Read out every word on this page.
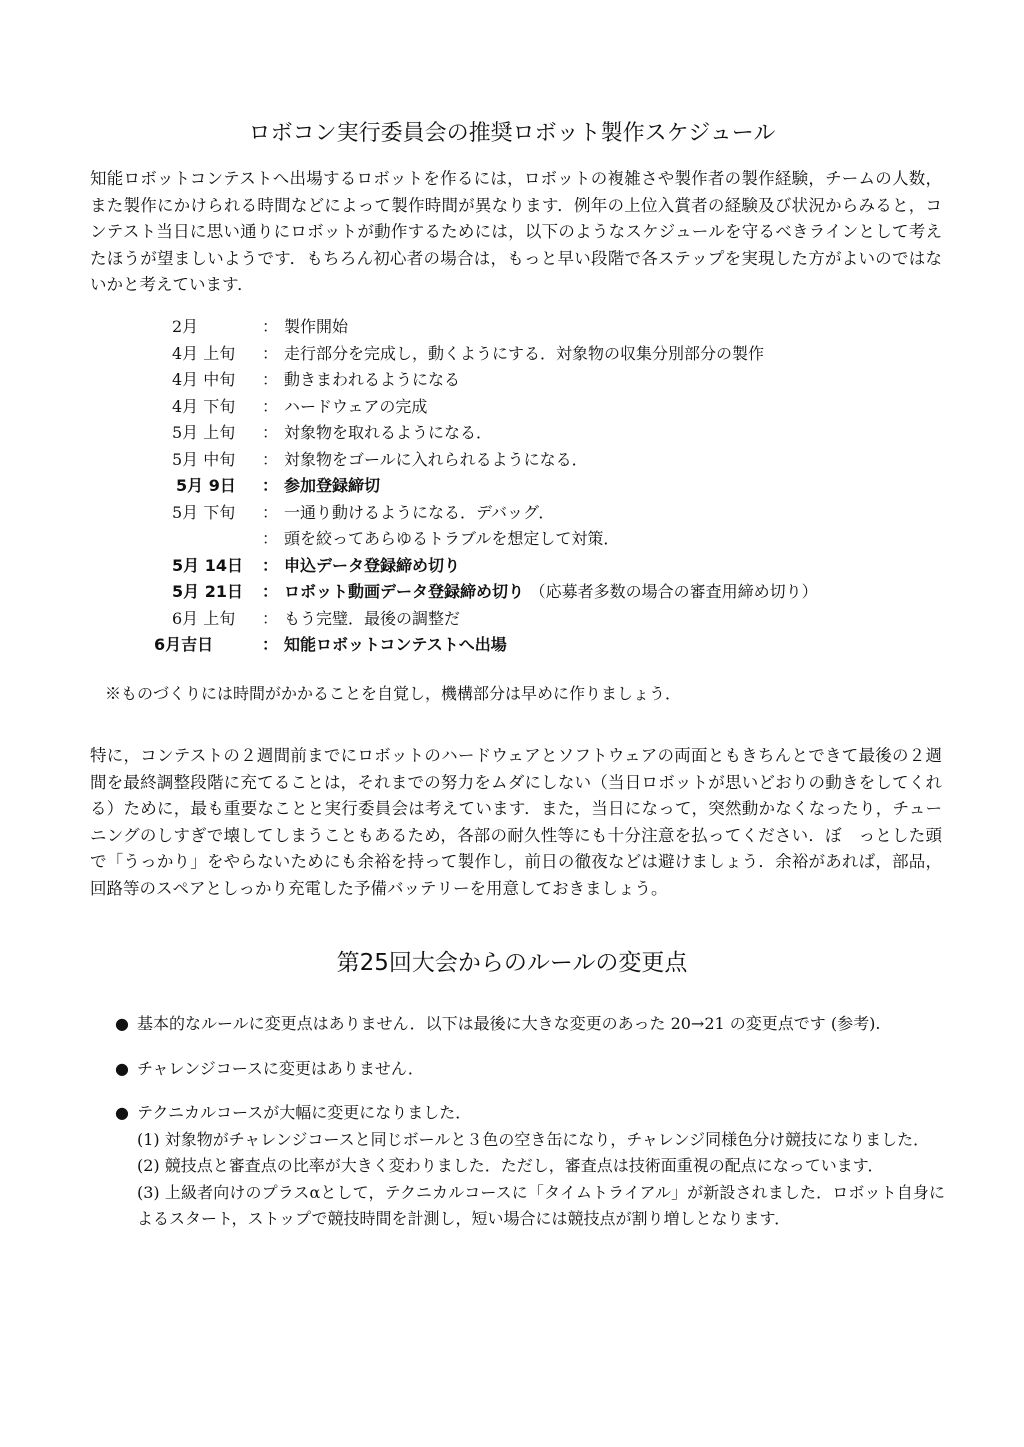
ロボコン実行委員会の推奨ロボット製作スケジュール

知能ロボットコンテストへ出場するロボットを作るには，ロボットの複雑さや製作者の製作経験，チームの人数，また製作にかけられる時間などによって製作時間が異なります．例年の上位入賞者の経験及び状況からみると，コンテスト当日に思い通りにロボットが動作するためには，以下のようなスケジュールを守るべきラインとして考えたほうが望ましいようです．もちろん初心者の場合は，もっと早い段階で各ステップを実現した方がよいのではないかと考えています．

2月	： 製作開始
4月 上旬	： 走行部分を完成し，動くようにする．対象物の収集分別部分の製作
4月 中旬	： 動きまわれるようになる
4月 下旬	： ハードウェアの完成
5月 上旬	： 対象物を取れるようになる．
5月 中旬	： 対象物をゴールに入れられるようになる．
5月 9日	： 参加登録締切
5月 下旬	： 一通り動けるようになる．デバッグ．
： 頭を絞ってあらゆるトラブルを想定して対策．
5月 14日	： 申込データ登録締め切り
5月 21日	： ロボット動画データ登録締め切り （応募者多数の場合の審査用締め切り）
6月 上旬	： もう完璧．最後の調整だ
6月吉日	： 知能ロボットコンテストへ出場
※ものづくりには時間がかかることを自覚し，機構部分は早めに作りましょう．

特に，コンテストの２週間前までにロボットのハードウェアとソフトウェアの両面ともきちんとできて最後の２週間を最終調整段階に充てることは，それまでの努力をムダにしない（当日ロボットが思いどおりの動きをしてくれる）ために，最も重要なことと実行委員会は考えています．また，当日になって，突然動かなくなったり，チューニングのしすぎで壊してしまうこともあるため，各部の耐久性等にも十分注意を払ってください．ぼ　っとした頭で「うっかり」をやらないためにも余裕を持って製作し，前日の徹夜などは避けましょう．余裕があれば，部品，回路等のスペアとしっかり充電した予備バッテリーを用意しておきましょう。

第25回大会からのルールの変更点
● 基本的なルールに変更点はありません．以下は最後に大きな変更のあった 20→21 の変更点です (参考).
● チャレンジコースに変更はありません．
● テクニカルコースが大幅に変更になりました．
(1) 対象物がチャレンジコースと同じボールと３色の空き缶になり，チャレンジ同様色分け競技になりました．
(2) 競技点と審査点の比率が大きく変わりました．ただし，審査点は技術面重視の配点になっています．
(3) 上級者向けのプラスαとして，テクニカルコースに「タイムトライアル」が新設されました．ロボット自身によるスタート，ストップで競技時間を計測し，短い場合には競技点が割り増しとなります．
